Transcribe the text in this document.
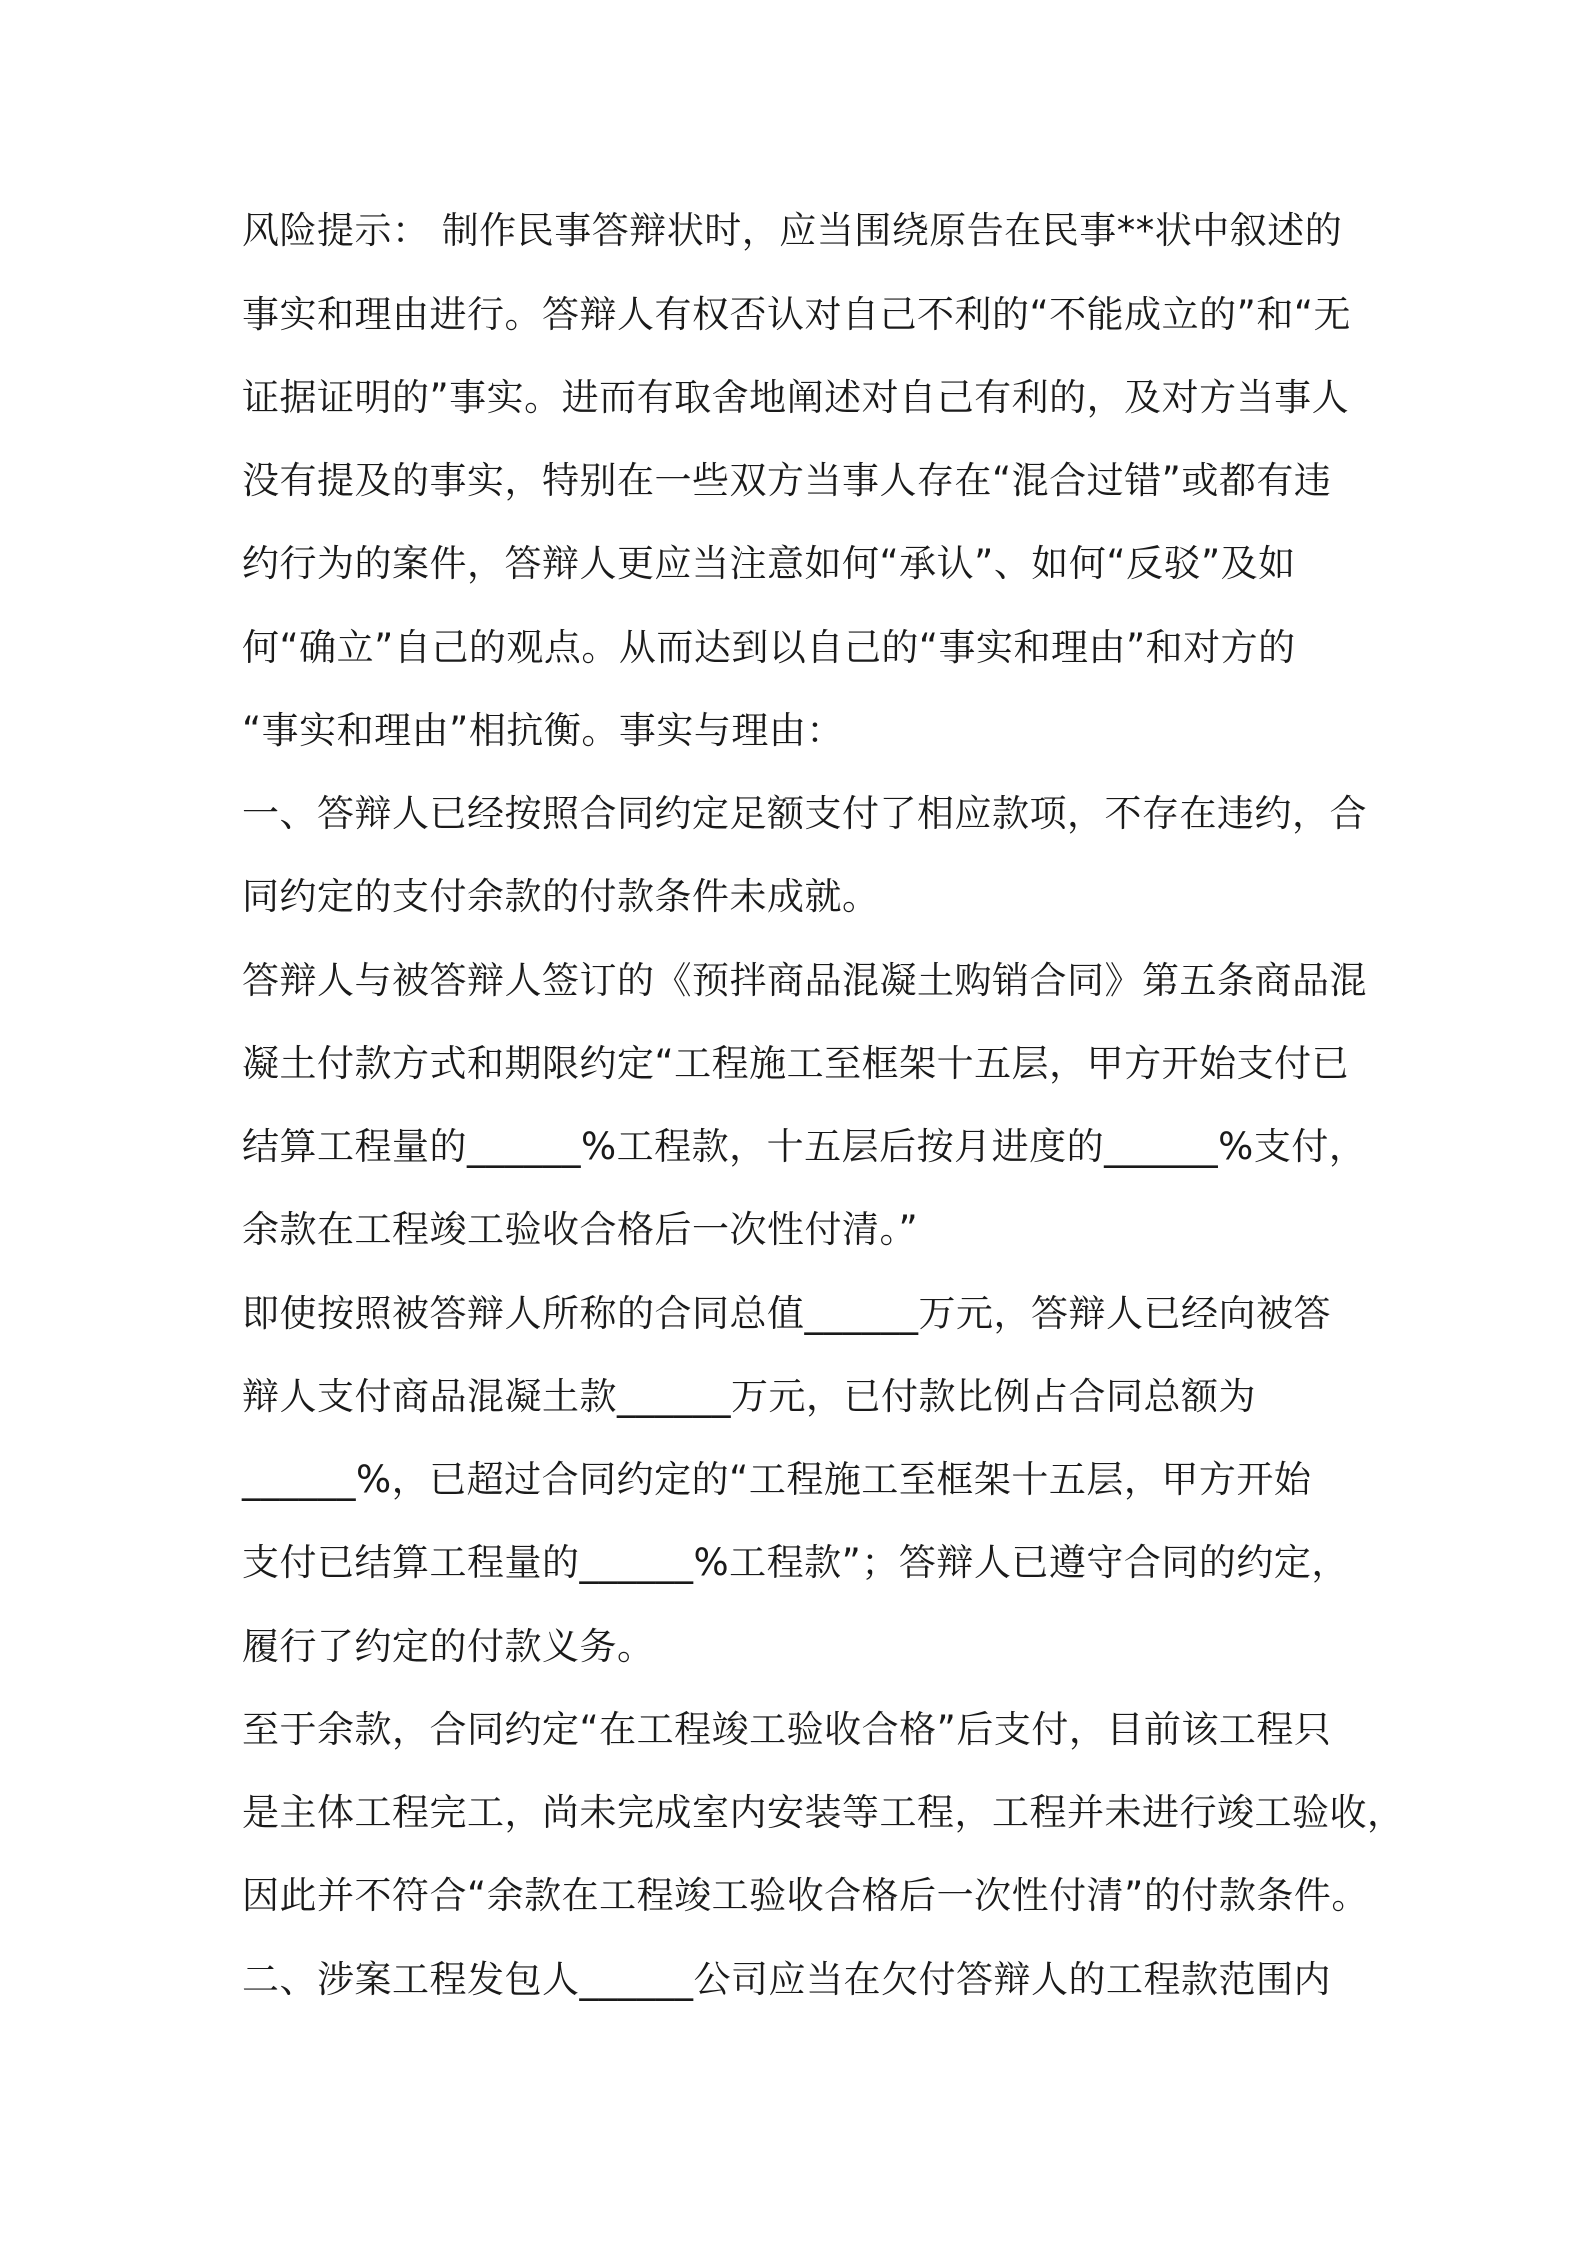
风险提示： 制作民事答辩状时，应当围绕原告在民事**状中叙述的
事实和理由进行。答辩人有权否认对自己不利的“不能成立的”和“无
证据证明的”事实。进而有取舍地阐述对自己有利的，及对方当事人
没有提及的事实，特别在一些双方当事人存在“混合过错”或都有违
约行为的案件，答辩人更应当注意如何“承认”、如何“反驳”及如
何“确立”自己的观点。从而达到以自己的“事实和理由”和对方的
“事实和理由”相抗衡。事实与理由：
一、答辩人已经按照合同约定足额支付了相应款项，不存在违约，合
同约定的支付余款的付款条件未成就。
答辩人与被答辩人签订的《预拌商品混凝土购销合同》第五条商品混
凝土付款方式和期限约定“工程施工至框架十五层，甲方开始支付已
结算工程量的______%工程款，十五层后按月进度的______%支付，
余款在工程竣工验收合格后一次性付清。”
即使按照被答辩人所称的合同总值______万元，答辩人已经向被答
辩人支付商品混凝土款______万元，已付款比例占合同总额为
______%，已超过合同约定的“工程施工至框架十五层，甲方开始
支付已结算工程量的______%工程款”；答辩人已遵守合同的约定，
履行了约定的付款义务。
至于余款，合同约定“在工程竣工验收合格”后支付，目前该工程只
是主体工程完工，尚未完成室内安装等工程，工程并未进行竣工验收，
因此并不符合“余款在工程竣工验收合格后一次性付清”的付款条件。
二、涉案工程发包人______公司应当在欠付答辩人的工程款范围内
